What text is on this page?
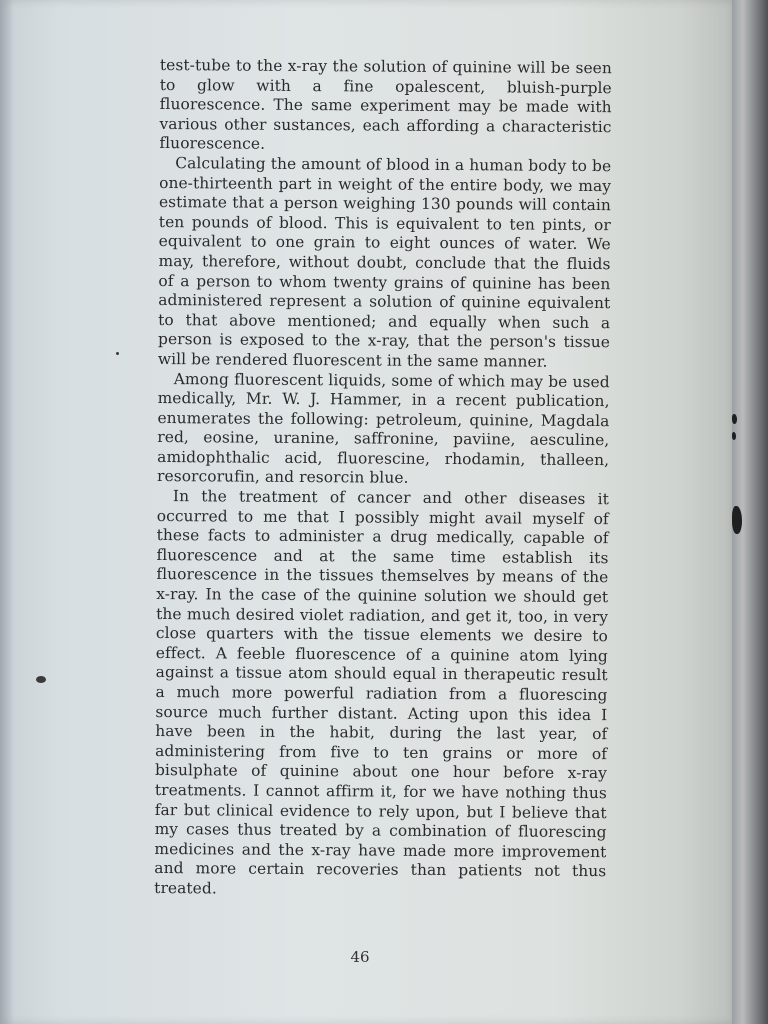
test-tube to the x-ray the solution of quinine will be seen to glow with a fine opalescent, bluish-purple fluorescence. The same experiment may be made with various other sustances, each affording a characteristic fluorescence.

Calculating the amount of blood in a human body to be one-thirteenth part in weight of the entire body, we may estimate that a person weighing 130 pounds will contain ten pounds of blood. This is equivalent to ten pints, or equivalent to one grain to eight ounces of water. We may, therefore, without doubt, conclude that the fluids of a person to whom twenty grains of quinine has been administered represent a solution of quinine equivalent to that above mentioned; and equally when such a person is exposed to the x-ray, that the person's tissue will be rendered fluorescent in the same manner.

Among fluorescent liquids, some of which may be used medically, Mr. W. J. Hammer, in a recent publication, enumerates the following: petroleum, quinine, Magdala red, eosine, uranine, saffronine, paviine, aesculine, amidophthalic acid, fluorescine, rhodamin, thalleen, resorcorufin, and resorcin blue.

In the treatment of cancer and other diseases it occurred to me that I possibly might avail myself of these facts to administer a drug medically, capable of fluorescence and at the same time establish its fluorescence in the tissues themselves by means of the x-ray. In the case of the quinine solution we should get the much desired violet radiation, and get it, too, in very close quarters with the tissue elements we desire to effect. A feeble fluorescence of a quinine atom lying against a tissue atom should equal in therapeutic result a much more powerful radiation from a fluorescing source much further distant. Acting upon this idea I have been in the habit, during the last year, of administering from five to ten grains or more of bisulphate of quinine about one hour before x-ray treatments. I cannot affirm it, for we have nothing thus far but clinical evidence to rely upon, but I believe that my cases thus treated by a combination of fluorescing medicines and the x-ray have made more improvement and more certain recoveries than patients not thus treated.

46
